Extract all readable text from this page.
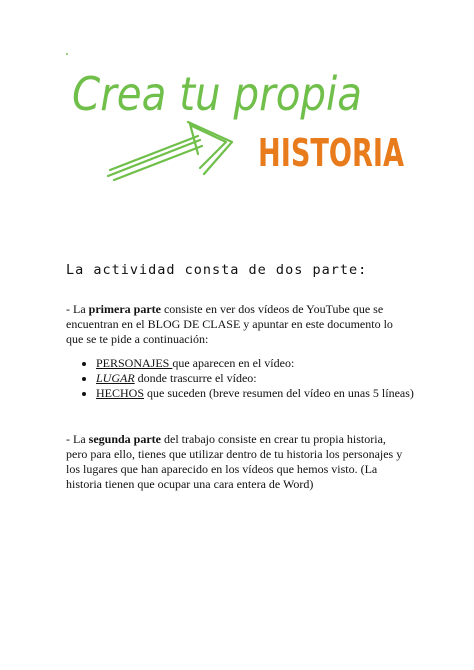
Crea tu propia
HISTORIA
La actividad consta de dos parte:
- La primera parte consiste en ver dos vídeos de YouTube que se encuentran en el BLOG DE CLASE y apuntar en este documento lo que se te pide a continuación:
PERSONAJES que aparecen en el vídeo:
LUGAR donde trascurre el vídeo:
HECHOS que suceden (breve resumen del vídeo en unas 5 líneas)
- La segunda parte del trabajo consiste en crear tu propia historia, pero para ello, tienes que utilizar dentro de tu historia los personajes y los lugares que han aparecido en los vídeos que hemos visto. (La historia tienen que ocupar una cara entera de Word)
